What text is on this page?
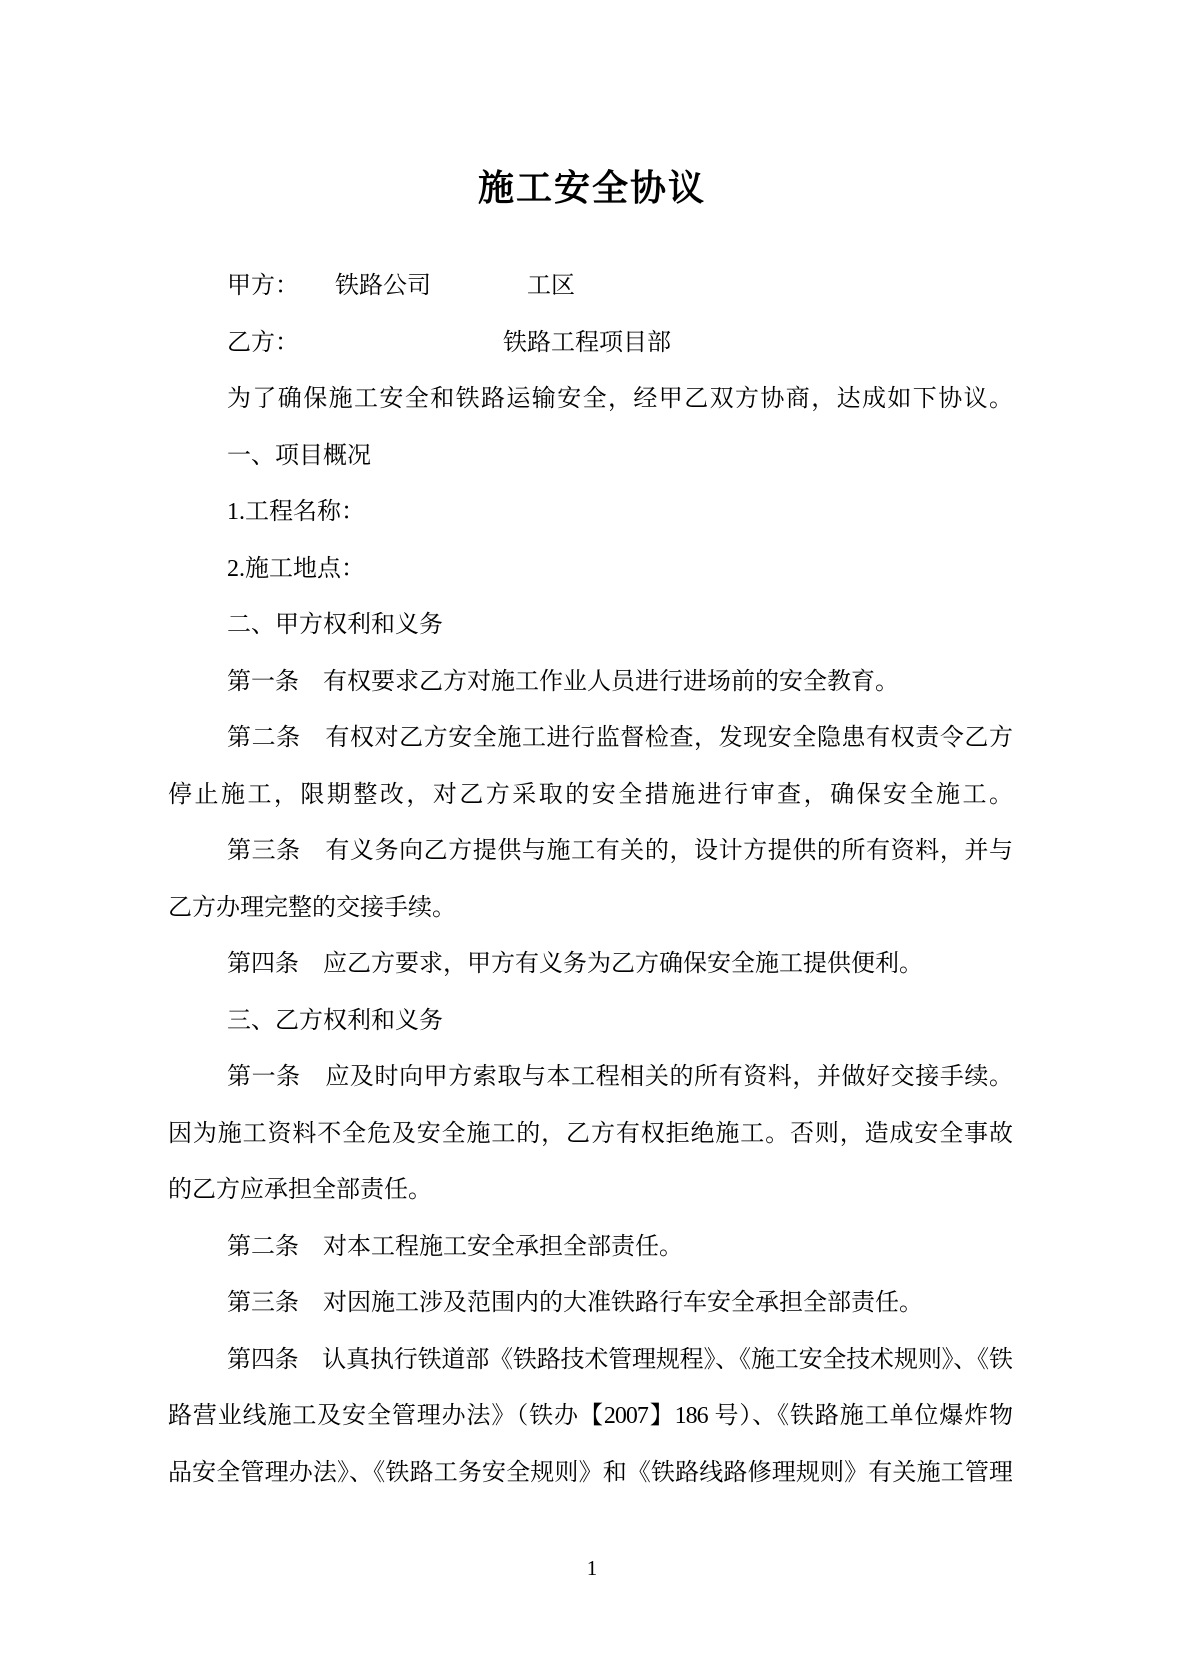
施工安全协议
甲方：　　铁路公司　　　　工区
乙方：　　　　　　　　　铁路工程项目部
为了确保施工安全和铁路运输安全，经甲乙双方协商，达成如下协议。
一、项目概况
1.工程名称：
2.施工地点：
二、甲方权利和义务
第一条　有权要求乙方对施工作业人员进行进场前的安全教育。
第二条　有权对乙方安全施工进行监督检查，发现安全隐患有权责令乙方
停止施工，限期整改，对乙方采取的安全措施进行审查，确保安全施工。
第三条　有义务向乙方提供与施工有关的，设计方提供的所有资料，并与
乙方办理完整的交接手续。
第四条　应乙方要求，甲方有义务为乙方确保安全施工提供便利。
三、乙方权利和义务
第一条　应及时向甲方索取与本工程相关的所有资料，并做好交接手续。
因为施工资料不全危及安全施工的，乙方有权拒绝施工。否则，造成安全事故
的乙方应承担全部责任。
第二条　对本工程施工安全承担全部责任。
第三条　对因施工涉及范围内的大准铁路行车安全承担全部责任。
第四条　认真执行铁道部《铁路技术管理规程》、《施工安全技术规则》、《铁
路营业线施工及安全管理办法》（铁办【2007】186 号）、《铁路施工单位爆炸物
品安全管理办法》、《铁路工务安全规则》和《铁路线路修理规则》有关施工管理
1
